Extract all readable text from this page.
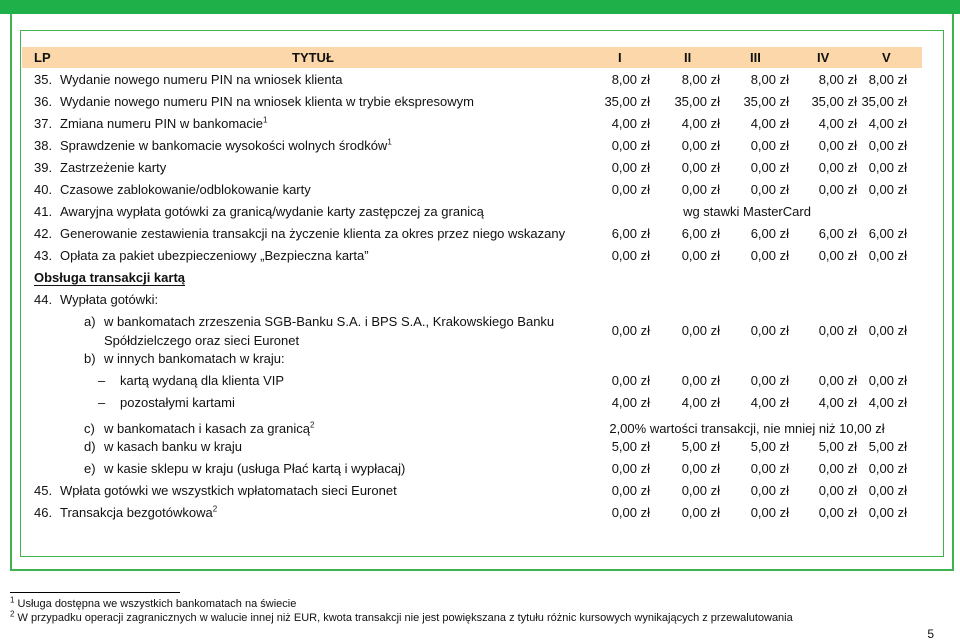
LP	TYTUŁ	I	II	III	IV	V
35. Wydanie nowego numeru PIN na wniosek klienta	8,00 zł	8,00 zł	8,00 zł	8,00 zł 8,00 zł
36. Wydanie nowego numeru PIN na wniosek klienta w trybie ekspresowym	35,00 zł	35,00 zł	35,00 zł	35,00 zł 35,00 zł
37. Zmiana numeru PIN w bankomacie$^1$	4,00 zł	4,00 zł	4,00 zł	4,00 zł 4,00 zł
38. Sprawdzenie w bankomacie wysokości wolnych środków$^1$	0,00 zł	0,00 zł	0,00 zł	0,00 zł 0,00 zł
39. Zastrzeżenie karty	0,00 zł	0,00 zł	0,00 zł	0,00 zł 0,00 zł
40. Czasowe zablokowanie/odblokowanie karty	0,00 zł	0,00 zł	0,00 zł	0,00 zł 0,00 zł
41. Awaryjna wypłata gotówki za granicą/wydanie karty zastępczej za granicą	wg stawki MasterCard
42. Generowanie zestawienia transakcji na życzenie klienta za okres przez niego wskazany	6,00 zł	6,00 zł	6,00 zł	6,00 zł 6,00 zł
43. Opłata za pakiet ubezpieczeniowy „Bezpieczna karta”	0,00 zł	0,00 zł	0,00 zł	0,00 zł 0,00 zł
Obsługa transakcji kartą
44. Wypłata gotówki:
a) w bankomatach zrzeszenia SGB-Banku S.A. i BPS S.A., Krakowskiego Banku
Spółdzielczego oraz sieci Euronet
0,00 zł	0,00 zł	0,00 zł	0,00 zł 0,00 zł
b) w innych bankomatach w kraju:
– kartą wydaną dla klienta VIP	0,00 zł	0,00 zł	0,00 zł	0,00 zł 0,00 zł
– pozostałymi kartami	4,00 zł	4,00 zł	4,00 zł	4,00 zł 4,00 zł
c) w bankomatach i kasach za granicą$^2$	2,00% wartości transakcji, nie mniej niż 10,00 zł
d) w kasach banku w kraju	5,00 zł	5,00 zł	5,00 zł	5,00 zł 5,00 zł
e) w kasie sklepu w kraju (usługa Płać kartą i wypłacaj)	0,00 zł	0,00 zł	0,00 zł	0,00 zł 0,00 zł
45. Wpłata gotówki we wszystkich wpłatomatach sieci Euronet	0,00 zł	0,00 zł	0,00 zł	0,00 zł 0,00 zł
46. Transakcja bezgotówkowa$^2$	0,00 zł	0,00 zł	0,00 zł	0,00 zł 0,00 zł
$^1$ Usługa dostępna we wszystkich bankomatach na świecie
$^2$ W przypadku operacji zagranicznych w walucie innej niż EUR, kwota transakcji nie jest powiększana z tytułu różnic kursowych wynikających z przewalutowania
5
